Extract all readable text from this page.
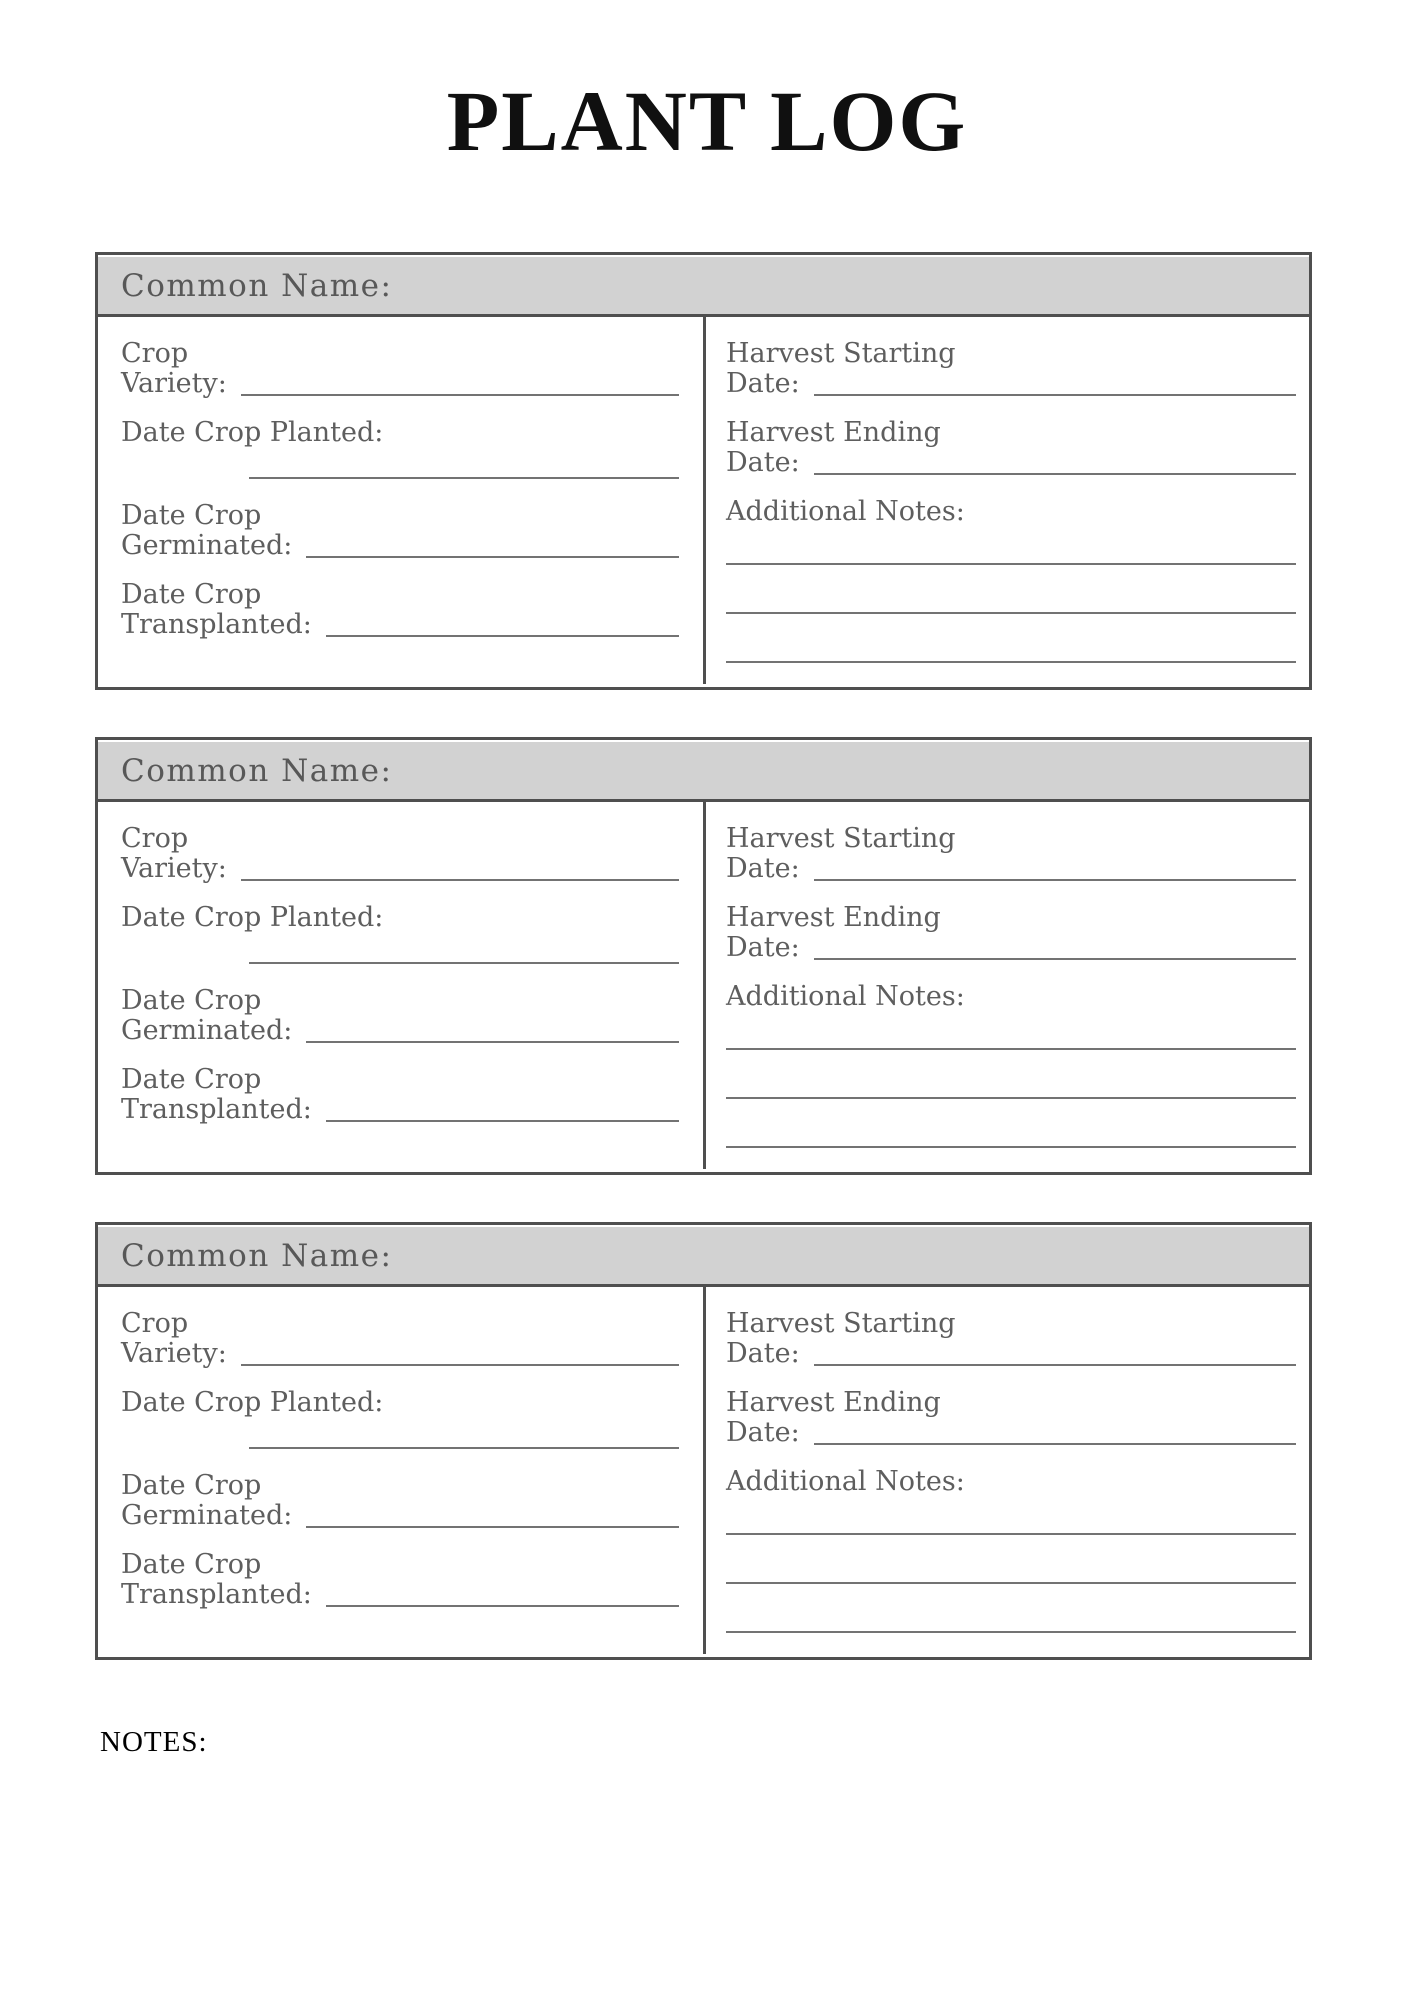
PLANT LOG
Common Name:
Crop
Variety:
Date Crop Planted:
Date Crop
Germinated:
Date Crop
Transplanted:
Harvest Starting
Date:
Harvest Ending
Date:
Additional Notes:
Common Name:
Crop
Variety:
Date Crop Planted:
Date Crop
Germinated:
Date Crop
Transplanted:
Harvest Starting
Date:
Harvest Ending
Date:
Additional Notes:
Common Name:
Crop
Variety:
Date Crop Planted:
Date Crop
Germinated:
Date Crop
Transplanted:
Harvest Starting
Date:
Harvest Ending
Date:
Additional Notes:
NOTES:
